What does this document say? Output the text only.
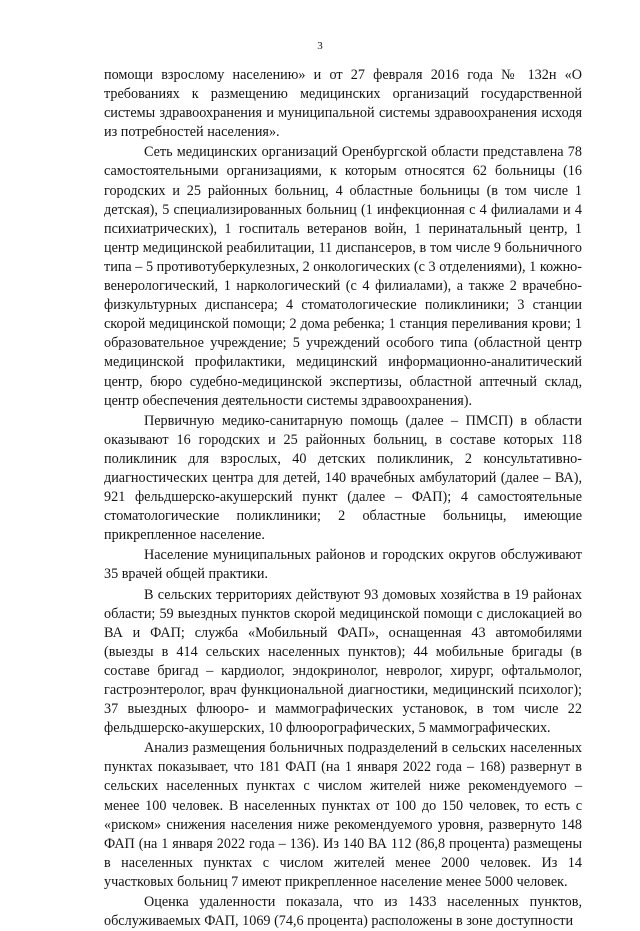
3

помощи взрослому населению» и от 27 февраля 2016 года № 132н «О требованиях к размещению медицинских организаций государственной системы здравоохранения и муниципальной системы здравоохранения исходя из потребностей населения».

Сеть медицинских организаций Оренбургской области представлена 78 самостоятельными организациями, к которым относятся 62 больницы (16 городских и 25 районных больниц, 4 областные больницы (в том числе 1 детская), 5 специализированных больниц (1 инфекционная с 4 филиалами и 4 психиатрических), 1 госпиталь ветеранов войн, 1 перинатальный центр, 1 центр медицинской реабилитации, 11 диспансеров, в том числе 9 больничного типа – 5 противотуберкулезных, 2 онкологических (с 3 отделениями), 1 кожно-венерологический, 1 наркологический (с 4 филиалами), а также 2 врачебно-физкультурных диспансера; 4 стоматологические поликлиники; 3 станции скорой медицинской помощи; 2 дома ребенка; 1 станция переливания крови; 1 образовательное учреждение; 5 учреждений особого типа (областной центр медицинской профилактики, медицинский информационно-аналитический центр, бюро судебно-медицинской экспертизы, областной аптечный склад, центр обеспечения деятельности системы здравоохранения).

Первичную медико-санитарную помощь (далее – ПМСП) в области оказывают 16 городских и 25 районных больниц, в составе которых 118 поликлиник для взрослых, 40 детских поликлиник, 2 консультативно-диагностических центра для детей, 140 врачебных амбулаторий (далее – ВА), 921 фельдшерско-акушерский пункт (далее – ФАП); 4 самостоятельные стоматологические поликлиники; 2 областные больницы, имеющие прикрепленное население.

Население муниципальных районов и городских округов обслуживают 35 врачей общей практики.

В сельских территориях действуют 93 домовых хозяйства в 19 районах области; 59 выездных пунктов скорой медицинской помощи с дислокацией во ВА и ФАП; служба «Мобильный ФАП», оснащенная 43 автомобилями (выезды в 414 сельских населенных пунктов); 44 мобильные бригады (в составе бригад – кардиолог, эндокринолог, невролог, хирург, офтальмолог, гастроэнтеролог, врач функциональной диагностики, медицинский психолог); 37 выездных флюоро- и маммографических установок, в том числе 22 фельдшерско-акушерских, 10 флюорографических, 5 маммографических.

Анализ размещения больничных подразделений в сельских населенных пунктах показывает, что 181 ФАП (на 1 января 2022 года – 168) развернут в сельских населенных пунктах с числом жителей ниже рекомендуемого – менее 100 человек. В населенных пунктах от 100 до 150 человек, то есть с «риском» снижения населения ниже рекомендуемого уровня, развернуто 148 ФАП (на 1 января 2022 года – 136). Из 140 ВА 112 (86,8 процента) размещены в населенных пунктах с числом жителей менее 2000 человек. Из 14 участковых больниц 7 имеют прикрепленное население менее 5000 человек.

Оценка удаленности показала, что из 1433 населенных пунктов, обслуживаемых ФАП, 1069 (74,6 процента) расположены в зоне доступности
